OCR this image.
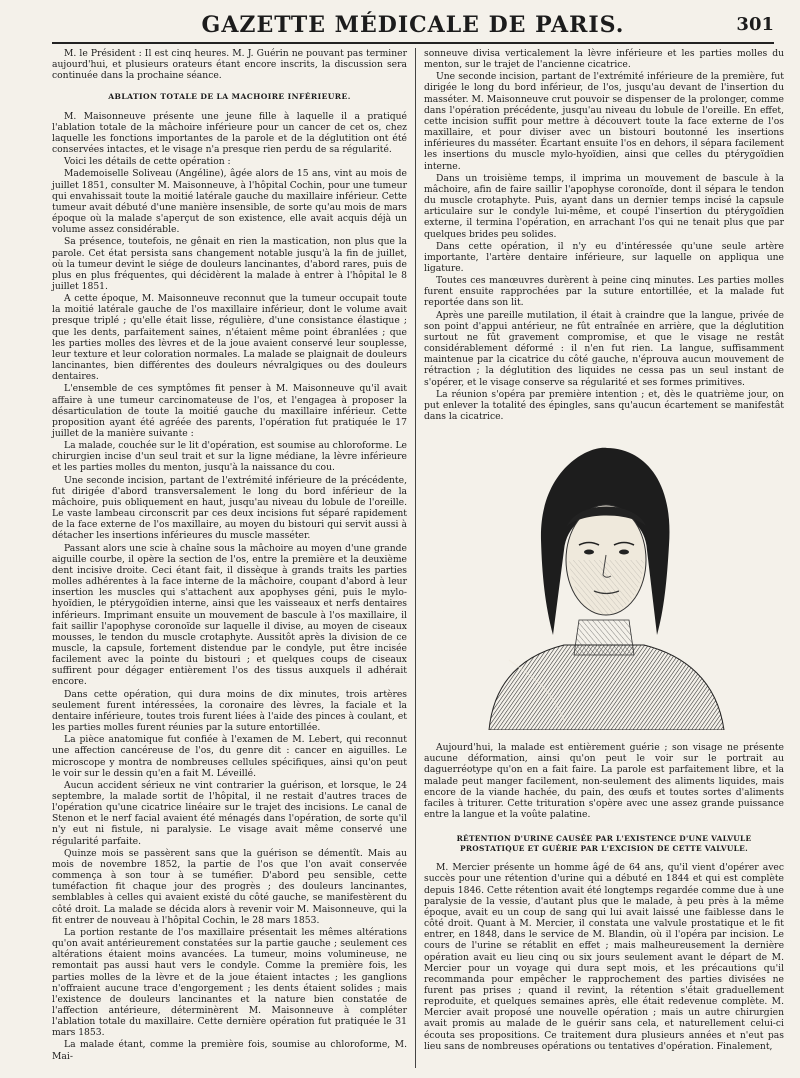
GAZETTE MÉDICALE DE PARIS.	301

M. le Président : Il est cinq heures. M. J. Guérin ne pouvant pas terminer aujourd'hui, et plusieurs orateurs étant encore inscrits, la discussion sera continuée dans la prochaine séance.

ABLATION TOTALE DE LA MACHOIRE INFÉRIEURE.

M. Maisonneuve présente une jeune fille à laquelle il a pratiqué l'ablation totale de la mâchoire inférieure pour un cancer de cet os, chez laquelle les fonctions importantes de la parole et de la déglutition ont été conservées intactes, et le visage n'a presque rien perdu de sa régularité.

Voici les détails de cette opération :

Mademoiselle Soliveau (Angéline), âgée alors de 15 ans, vint au mois de juillet 1851, consulter M. Maisonneuve, à l'hôpital Cochin, pour une tumeur qui envahissait toute la moitié latérale gauche du maxillaire inférieur. Cette tumeur avait débuté d'une manière insensible, de sorte qu'au mois de mars époque où la malade s'aperçut de son existence, elle avait acquis déjà un volume assez considérable.

Sa présence, toutefois, ne gênait en rien la mastication, non plus que la parole. Cet état persista sans changement notable jusqu'à la fin de juillet, où la tumeur devint le siége de douleurs lancinantes, d'abord rares, puis de plus en plus fréquentes, qui décidèrent la malade à entrer à l'hôpital le 8 juillet 1851.

A cette époque, M. Maisonneuve reconnut que la tumeur occupait toute la moitié latérale gauche de l'os maxillaire inférieur, dont le volume avait presque triplé ; qu'elle était lisse, régulière, d'une consistance élastique ; que les dents, parfaitement saines, n'étaient même point ébranlées ; que les parties molles des lèvres et de la joue avaient conservé leur souplesse, leur texture et leur coloration normales. La malade se plaignait de douleurs lancinantes, bien différentes des douleurs névralgiques ou des douleurs dentaires.

L'ensemble de ces symptômes fit penser à M. Maisonneuve qu'il avait affaire à une tumeur carcinomateuse de l'os, et l'engagea à proposer la désarticulation de toute la moitié gauche du maxillaire inférieur. Cette proposition ayant été agréée des parents, l'opération fut pratiquée le 17 juillet de la manière suivante :

La malade, couchée sur le lit d'opération, est soumise au chloroforme. Le chirurgien incise d'un seul trait et sur la ligne médiane, la lèvre inférieure et les parties molles du menton, jusqu'à la naissance du cou.

Une seconde incision, partant de l'extrémité inférieure de la précédente, fut dirigée d'abord transversalement le long du bord inférieur de la mâchoire, puis obliquement en haut, jusqu'au niveau du lobule de l'oreille. Le vaste lambeau circonscrit par ces deux incisions fut séparé rapidement de la face externe de l'os maxillaire, au moyen du bistouri qui servit aussi à détacher les insertions inférieures du muscle masséter.

Passant alors une scie à chaîne sous la mâchoire au moyen d'une grande aiguille courbe, il opère la section de l'os, entre la première et la deuxième dent incisive droite. Ceci étant fait, il dissèque à grands traits les parties molles adhérentes à la face interne de la mâchoire, coupant d'abord à leur insertion les muscles qui s'attachent aux apophyses géni, puis le mylo-hyoïdien, le ptérygoïdien interne, ainsi que les vaisseaux et nerfs dentaires inférieurs. Imprimant ensuite un mouvement de bascule à l'os maxillaire, il fait saillir l'apophyse coronoïde sur laquelle il divise, au moyen de ciseaux mousses, le tendon du muscle crotaphyte. Aussitôt après la division de ce muscle, la capsule, fortement distendue par le condyle, put être incisée facilement avec la pointe du bistouri ; et quelques coups de ciseaux suffirent pour dégager entièrement l'os des tissus auxquels il adhérait encore.

Dans cette opération, qui dura moins de dix minutes, trois artères seulement furent intéressées, la coronaire des lèvres, la faciale et la dentaire inférieure, toutes trois furent liées à l'aide des pinces à coulant, et les parties molles furent réunies par la suture entortillée.

La pièce anatomique fut confiée à l'examen de M. Lebert, qui reconnut une affection cancéreuse de l'os, du genre dit : cancer en aiguilles. Le microscope y montra de nombreuses cellules spécifiques, ainsi qu'on peut le voir sur le dessin qu'en a fait M. Léveillé.

Aucun accident sérieux ne vint contrarier la guérison, et lorsque, le 24 septembre, la malade sortit de l'hôpital, il ne restait d'autres traces de l'opération qu'une cicatrice linéaire sur le trajet des incisions. Le canal de Stenon et le nerf facial avaient été ménagés dans l'opération, de sorte qu'il n'y eut ni fistule, ni paralysie. Le visage avait même conservé une régularité parfaite.

Quinze mois se passèrent sans que la guérison se démentît. Mais au mois de novembre 1852, la partie de l'os que l'on avait conservée commença à son tour à se tuméfier. D'abord peu sensible, cette tuméfaction fit chaque jour des progrès ; des douleurs lancinantes, semblables à celles qui avaient existé du côté gauche, se manifestèrent du côté droit. La malade se décida alors à revenir voir M. Maisonneuve, qui la fit entrer de nouveau à l'hôpital Cochin, le 28 mars 1853.

La portion restante de l'os maxillaire présentait les mêmes altérations qu'on avait antérieurement constatées sur la partie gauche ; seulement ces altérations étaient moins avancées. La tumeur, moins volumineuse, ne remontait pas aussi haut vers le condyle. Comme la première fois, les parties molles de la lèvre et de la joue étaient intactes ; les ganglions n'offraient aucune trace d'engorgement ; les dents étaient solides ; mais l'existence de douleurs lancinantes et la nature bien constatée de l'affection antérieure, déterminèrent M. Maisonneuve à compléter l'ablation totale du maxillaire. Cette dernière opération fut pratiquée le 31 mars 1853.

La malade étant, comme la première fois, soumise au chloroforme, M. Mai-

sonneuve divisa verticalement la lèvre inférieure et les parties molles du menton, sur le trajet de l'ancienne cicatrice.

Une seconde incision, partant de l'extrémité inférieure de la première, fut dirigée le long du bord inférieur, de l'os, jusqu'au devant de l'insertion du masséter. M. Maisonneuve crut pouvoir se dispenser de la prolonger, comme dans l'opération précédente, jusqu'au niveau du lobule de l'oreille. En effet, cette incision suffit pour mettre à découvert toute la face externe de l'os maxillaire, et pour diviser avec un bistouri boutonné les insertions inférieures du masséter. Écartant ensuite l'os en dehors, il sépara facilement les insertions du muscle mylo-hyoïdien, ainsi que celles du ptérygoïdien interne.

Dans un troisième temps, il imprima un mouvement de bascule à la mâchoire, afin de faire saillir l'apophyse coronoïde, dont il sépara le tendon du muscle crotaphyte. Puis, ayant dans un dernier temps incisé la capsule articulaire sur le condyle lui-même, et coupé l'insertion du ptérygoïdien externe, il termina l'opération, en arrachant l'os qui ne tenait plus que par quelques brides peu solides.

Dans cette opération, il n'y eu d'intéressée qu'une seule artère importante, l'artère dentaire inférieure, sur laquelle on appliqua une ligature.

Toutes ces manœuvres durèrent à peine cinq minutes. Les parties molles furent ensuite rapprochées par la suture entortillée, et la malade fut reportée dans son lit.

Après une pareille mutilation, il était à craindre que la langue, privée de son point d'appui antérieur, ne fût entraînée en arrière, que la déglutition surtout ne fût gravement compromise, et que le visage ne restât considérablement déformé : il n'en fut rien. La langue, suffisamment maintenue par la cicatrice du côté gauche, n'éprouva aucun mouvement de rétraction ; la déglutition des liquides ne cessa pas un seul instant de s'opérer, et le visage conserve sa régularité et ses formes primitives.

La réunion s'opéra par première intention ; et, dès le quatrième jour, on put enlever la totalité des épingles, sans qu'aucun écartement se manifestât dans la cicatrice.

Aujourd'hui, la malade est entièrement guérie ; son visage ne présente aucune déformation, ainsi qu'on peut le voir sur le portrait au daguerréotype qu'on en a fait faire. La parole est parfaitement libre, et la malade peut manger facilement, non-seulement des aliments liquides, mais encore de la viande hachée, du pain, des œufs et toutes sortes d'aliments faciles à triturer. Cette trituration s'opère avec une assez grande puissance entre la langue et la voûte palatine.

RÉTENTION D'URINE CAUSÉE PAR L'EXISTENCE D'UNE VALVULE PROSTATIQUE ET GUÉRIE PAR L'EXCISION DE CETTE VALVULE.

M. Mercier présente un homme âgé de 64 ans, qu'il vient d'opérer avec succès pour une rétention d'urine qui a débuté en 1844 et qui est complète depuis 1846. Cette rétention avait été longtemps regardée comme due à une paralysie de la vessie, d'autant plus que le malade, à peu près à la même époque, avait eu un coup de sang qui lui avait laissé une faiblesse dans le côté droit. Quant à M. Mercier, il constata une valvule prostatique et le fit entrer, en 1848, dans le service de M. Blandin, où il l'opéra par incision. Le cours de l'urine se rétablit en effet ; mais malheureusement la dernière opération avait eu lieu cinq ou six jours seulement avant le départ de M. Mercier pour un voyage qui dura sept mois, et les précautions qu'il recommanda pour empêcher le rapprochement des parties divisées ne furent pas prises ; quand il revint, la rétention s'était graduellement reproduite, et quelques semaines après, elle était redevenue complète. M. Mercier avait proposé une nouvelle opération ; mais un autre chirurgien avait promis au malade de le guérir sans cela, et naturellement celui-ci écouta ses propositions. Ce traitement dura plusieurs années et n'eut pas lieu sans de nombreuses opérations ou tentatives d'opération. Finalement,
